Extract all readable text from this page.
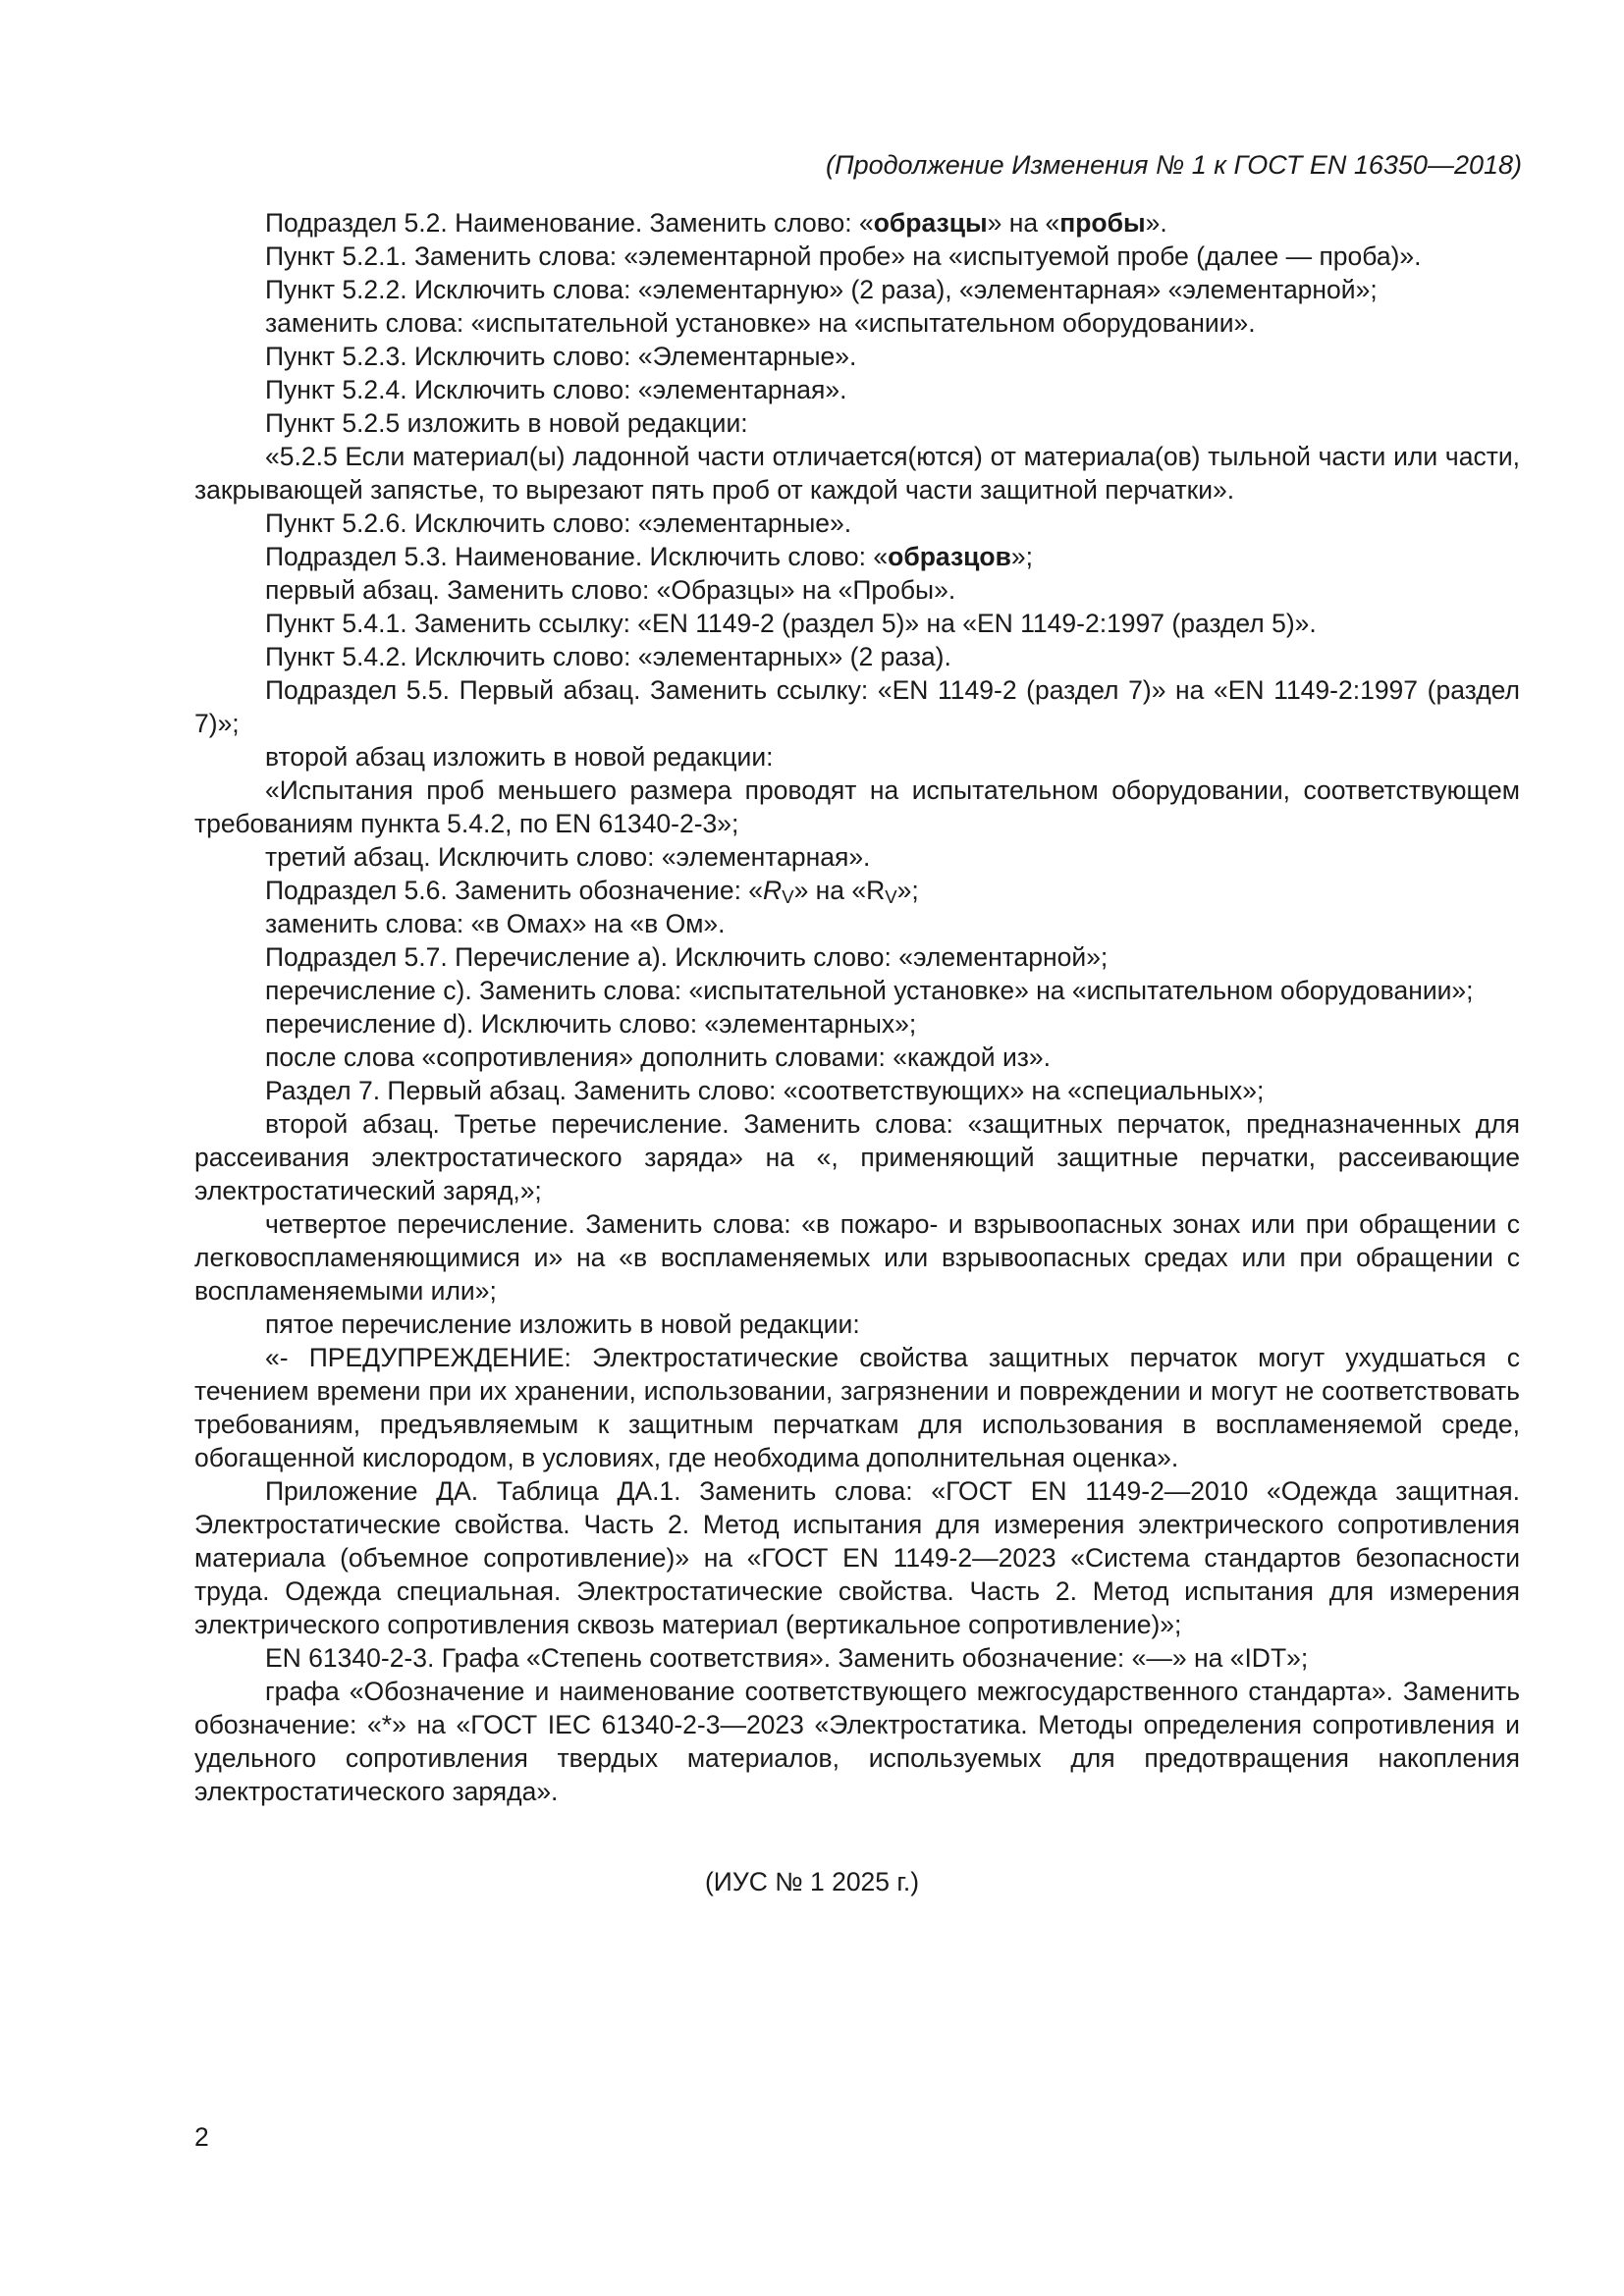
(Продолжение Изменения № 1 к ГОСТ EN 16350—2018)

Подраздел 5.2. Наименование. Заменить слово: «образцы» на «пробы».

Пункт 5.2.1. Заменить слова: «элементарной пробе» на «испытуемой пробе (далее — проба)».

Пункт 5.2.2. Исключить слова: «элементарную» (2 раза), «элементарная» «элементарной»;

заменить слова: «испытательной установке» на «испытательном оборудовании».

Пункт 5.2.3. Исключить слово: «Элементарные».

Пункт 5.2.4. Исключить слово: «элементарная».

Пункт 5.2.5 изложить в новой редакции:

«5.2.5 Если материал(ы) ладонной части отличается(ются) от материала(ов) тыльной части или части, закрывающей запястье, то вырезают пять проб от каждой части защитной перчатки».

Пункт 5.2.6. Исключить слово: «элементарные».

Подраздел 5.3. Наименование. Исключить слово: «образцов»;

первый абзац. Заменить слово: «Образцы» на «Пробы».

Пункт 5.4.1. Заменить ссылку: «EN 1149-2 (раздел 5)» на «EN 1149-2:1997 (раздел 5)».

Пункт 5.4.2. Исключить слово: «элементарных» (2 раза).

Подраздел 5.5. Первый абзац. Заменить ссылку: «EN 1149-2 (раздел 7)» на «EN 1149-2:1997 (раздел 7)»;

второй абзац изложить в новой редакции:

«Испытания проб меньшего размера проводят на испытательном оборудовании, соответствующем требованиям пункта 5.4.2, по EN 61340-2-3»;

третий абзац. Исключить слово: «элементарная».

Подраздел 5.6. Заменить обозначение: «$R_V$» на «$R_V$»;

заменить слова: «в Омах» на «в Ом».

Подраздел 5.7. Перечисление а). Исключить слово: «элементарной»;

перечисление c). Заменить слова: «испытательной установке» на «испытательном оборудовании»;

перечисление d). Исключить слово: «элементарных»;

после слова «сопротивления» дополнить словами: «каждой из».

Раздел 7. Первый абзац. Заменить слово: «соответствующих» на «специальных»;

второй абзац. Третье перечисление. Заменить слова: «защитных перчаток, предназначенных для рассеивания электростатического заряда» на «, применяющий защитные перчатки, рассеивающие электростатический заряд,»;

четвертое перечисление. Заменить слова: «в пожаро- и взрывоопасных зонах или при обращении с легковоспламеняющимися и» на «в воспламеняемых или взрывоопасных средах или при обращении с воспламеняемыми или»;

пятое перечисление изложить в новой редакции:

«- ПРЕДУПРЕЖДЕНИЕ: Электростатические свойства защитных перчаток могут ухудшаться с течением времени при их хранении, использовании, загрязнении и повреждении и могут не соответствовать требованиям, предъявляемым к защитным перчаткам для использования в воспламеняемой среде, обогащенной кислородом, в условиях, где необходима дополнительная оценка».

Приложение ДА. Таблица ДА.1. Заменить слова: «ГОСТ EN 1149-2—2010 «Одежда защитная. Электростатические свойства. Часть 2. Метод испытания для измерения электрического сопротивления материала (объемное сопротивление)» на «ГОСТ EN 1149-2—2023 «Система стандартов безопасности труда. Одежда специальная. Электростатические свойства. Часть 2. Метод испытания для измерения электрического сопротивления сквозь материал (вертикальное сопротивление)»;

EN 61340-2-3. Графа «Степень соответствия». Заменить обозначение: «—» на «IDT»;

графа «Обозначение и наименование соответствующего межгосударственного стандарта». Заменить обозначение: «*» на «ГОСТ IEC 61340-2-3—2023 «Электростатика. Методы определения сопротивления и удельного сопротивления твердых материалов, используемых для предотвращения накопления электростатического заряда».

(ИУС № 1 2025 г.)
2
